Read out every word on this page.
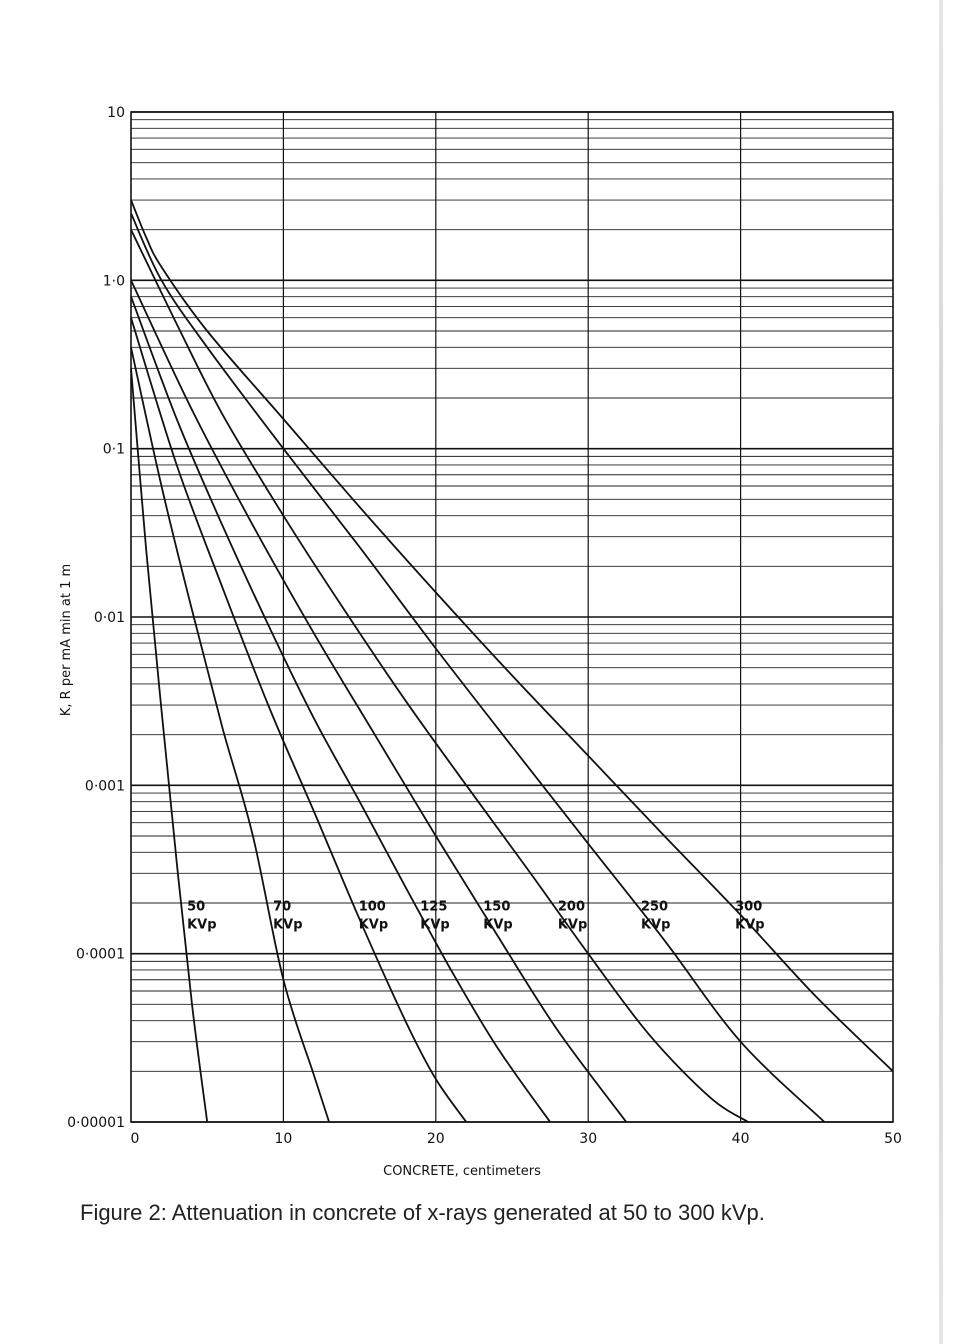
10
1·0
0·1
0·01
0·001
0·0001
0·00001
0	10	20	30	40	50
50
KVp
70
KVp
100
KVp
125
KVp
150
KVp
200
KVp
250
KVp
300
KVp
CONCRETE, centimeters
K, R per mA min at 1 m
Figure 2: Attenuation in concrete of x-rays generated at 50 to 300 kVp.
